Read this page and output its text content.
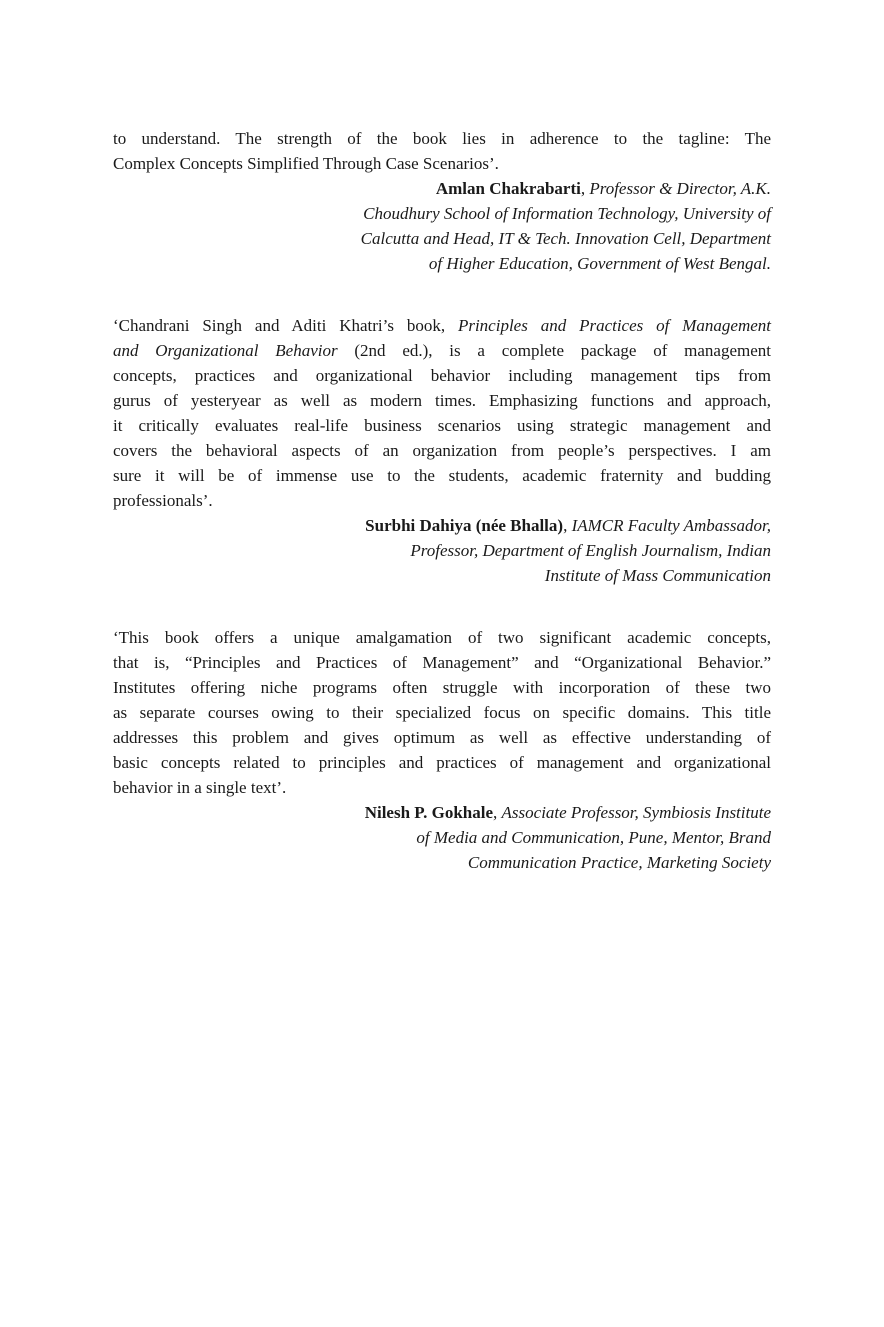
to understand. The strength of the book lies in adherence to the tagline: The
Complex Concepts Simplified Through Case Scenarios’.
Amlan Chakrabarti, Professor & Director, A.K.
Choudhury School of Information Technology, University of
Calcutta and Head, IT & Tech. Innovation Cell, Department
of Higher Education, Government of West Bengal.
‘Chandrani Singh and Aditi Khatri’s book, Principles and Practices of Management
and Organizational Behavior (2nd ed.), is a complete package of management
concepts, practices and organizational behavior including management tips from
gurus of yesteryear as well as modern times. Emphasizing functions and approach,
it critically evaluates real-life business scenarios using strategic management and
covers the behavioral aspects of an organization from people’s perspectives. I am
sure it will be of immense use to the students, academic fraternity and budding
professionals’.
Surbhi Dahiya (née Bhalla), IAMCR Faculty Ambassador,
Professor, Department of English Journalism, Indian
Institute of Mass Communication
‘This book offers a unique amalgamation of two significant academic concepts,
that is, “Principles and Practices of Management” and “Organizational Behavior.”
Institutes offering niche programs often struggle with incorporation of these two
as separate courses owing to their specialized focus on specific domains. This title
addresses this problem and gives optimum as well as effective understanding of
basic concepts related to principles and practices of management and organizational
behavior in a single text’.
Nilesh P. Gokhale, Associate Professor, Symbiosis Institute
of Media and Communication, Pune, Mentor, Brand
Communication Practice, Marketing Society
